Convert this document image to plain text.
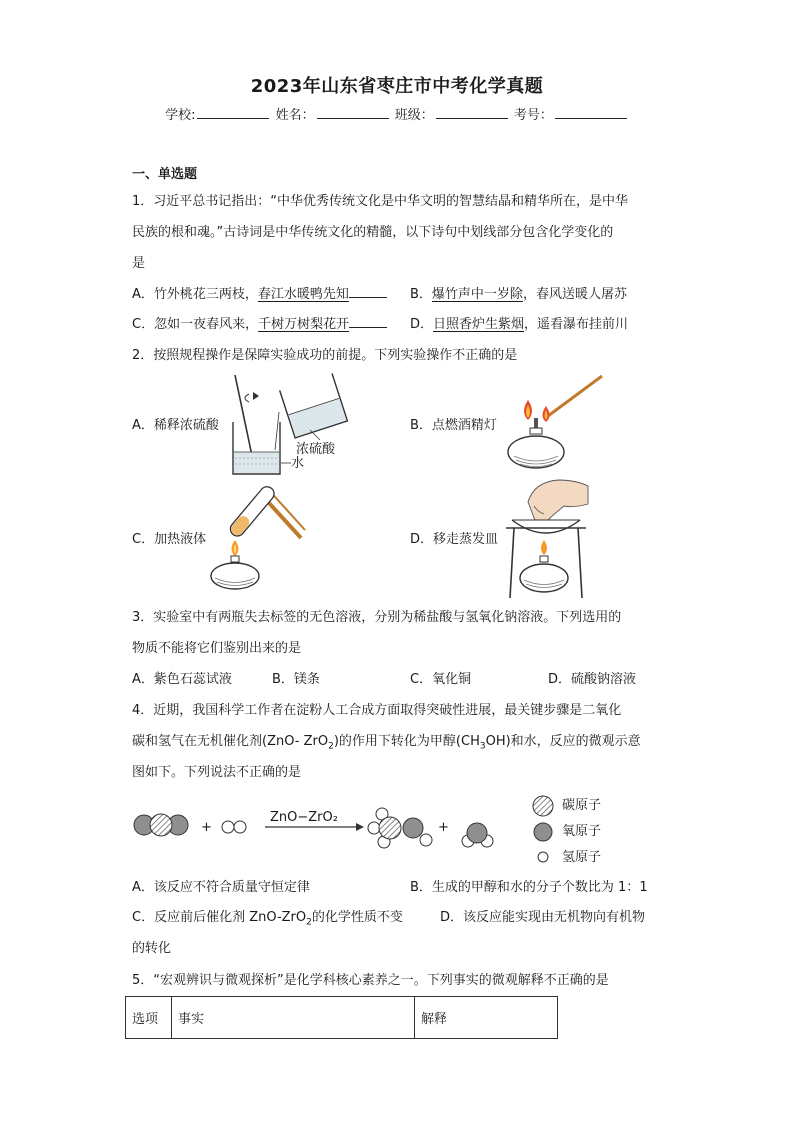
2023年山东省枣庄市中考化学真题
学校:	姓名：	班级：	考号：
一、单选题
1．习近平总书记指出：“中华优秀传统文化是中华文明的智慧结晶和精华所在，是中华
民族的根和魂。”古诗词是中华传统文化的精髓，以下诗句中划线部分包含化学变化的
是
A．竹外桃花三两枝，春江水暖鸭先知	B．爆竹声中一岁除，春风送暖人屠苏
C．忽如一夜春风来，千树万树梨花开	D．日照香炉生紫烟，遥看瀑布挂前川
2．按照规程操作是保障实验成功的前提。下列实验操作不正确的是
A．稀释浓硫酸
浓硫酸
水
B．点燃酒精灯
C．加热液体	D．移走蒸发皿
3．实验室中有两瓶失去标签的无色溶液，分别为稀盐酸与氢氧化钠溶液。下列选用的
物质不能将它们鉴别出来的是
A．紫色石蕊试液	B．镁条	C．氧化铜	D．硫酸钠溶液
4．近期，我国科学工作者在淀粉人工合成方面取得突破性进展，最关键步骤是二氧化
碳和氢气在无机催化剂(ZnO- ZrO$_2$)的作用下转化为甲醇$(CH_3OH)$和水，反应的微观示意
图如下。下列说法不正确的是
+
ZnO−ZrO₂
+
碳原子
氧原子
氢原子
A．该反应不符合质量守恒定律	B．生成的甲醇和水的分子个数比为 1：1
C．反应前后催化剂 ZnO-ZrO$_2$的化学性质不变	D．该反应能实现由无机物向有机物
的转化
5．“宏观辨识与微观探析”是化学科核心素养之一。下列事实的微观解释不正确的是
选项	事实	解释
